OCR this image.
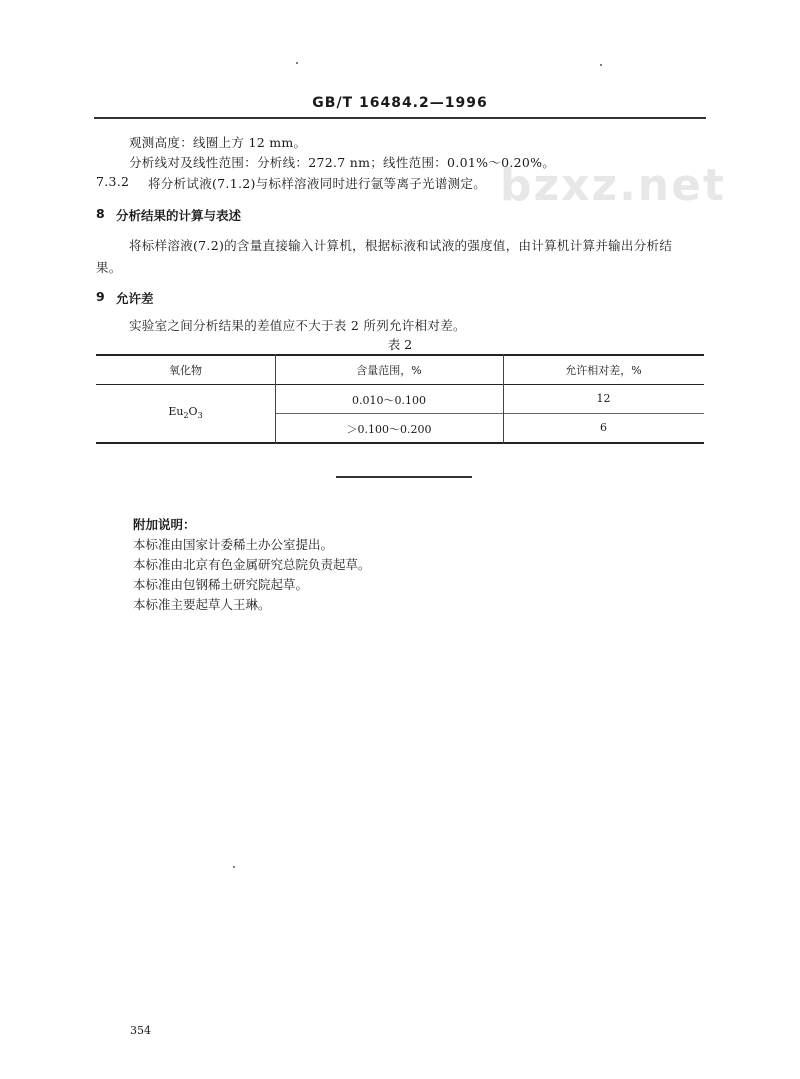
GB/T 16484.2—1996
bzxz.net
观测高度：线圈上方 12 mm。
分析线对及线性范围：分析线：272.7 nm；线性范围：0.01%～0.20%。
7.3.2 将分析试液(7.1.2)与标样溶液同时进行氩等离子光谱测定。
8 分析结果的计算与表述
将标样溶液(7.2)的含量直接输入计算机，根据标液和试液的强度值，由计算机计算并输出分析结
果。
9 允许差
实验室之间分析结果的差值应不大于表 2 所列允许相对差。
表 2
氧化物	含量范围，%	允许相对差，%
$Eu_2O_3$
0.010～0.100	12
＞0.100～0.200	6
附加说明：
本标准由国家计委稀土办公室提出。
本标准由北京有色金属研究总院负责起草。
本标准由包钢稀土研究院起草。
本标准主要起草人王琳。
354
